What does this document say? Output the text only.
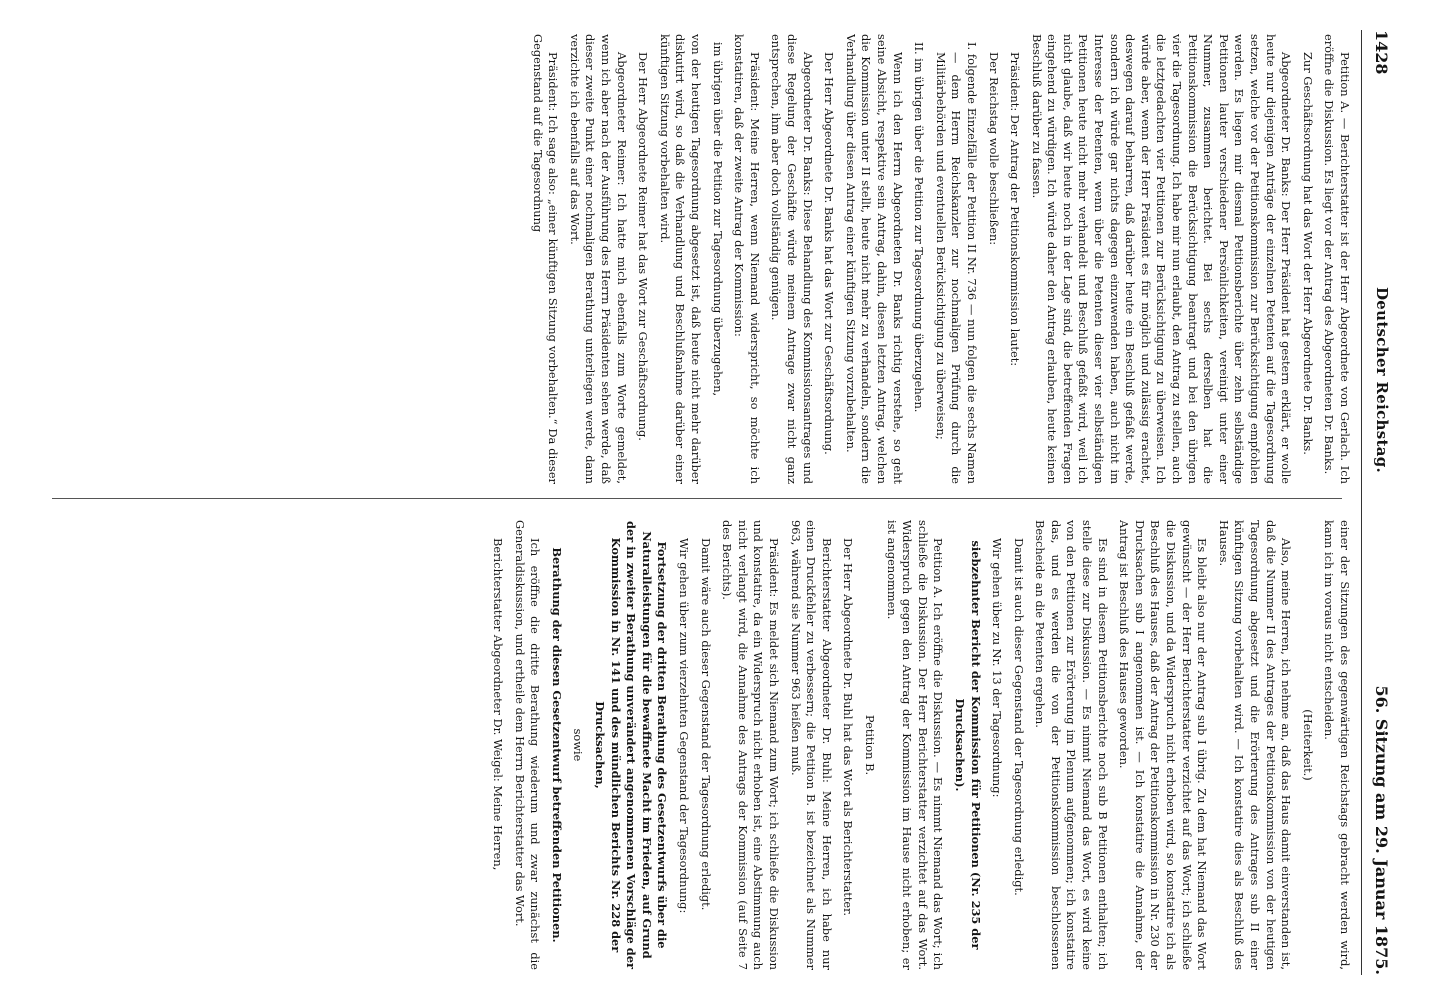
1428
Deutscher Reichstag.
56. Sitzung am 29. Januar 1875.

Petition A. — Berichterstatter ist der Herr Abgeordnete von Gerlach. Ich eröffne die Diskussion. Es liegt vor der Antrag des Abgeordneten Dr. Banks.

Zur Geschäftsordnung hat das Wort der Herr Abgeordnete Dr. Banks.

Abgeordneter Dr. Banks: Der Herr Präsident hat gestern erklärt, er wolle heute nur diejenigen Anträge der einzelnen Petenten auf die Tagesordnung setzen, welche vor der Petitionskommission zur Berücksichtigung empfohlen werden. Es liegen mir diesmal Petitionsberichte über zehn selbständige Petitionen lauter verschiedener Persönlichkeiten, vereinigt unter einer Nummer, zusammen berichtet. Bei sechs derselben hat die Petitionskommission die Berücksichtigung beantragt und bei den übrigen vier die Tagesordnung. Ich habe mir nun erlaubt, den Antrag zu stellen, auch die letztgedachten vier Petitionen zur Berücksichtigung zu überweisen. Ich würde aber, wenn der Herr Präsident es für möglich und zulässig erachtet, deswegen darauf beharren, daß darüber heute ein Beschluß gefaßt werde, sondern ich würde gar nichts dagegen einzuwenden haben, auch nicht im Interesse der Petenten, wenn über die Petenten dieser vier selbständigen Petitionen heute nicht mehr verhandelt und Beschluß gefaßt wird, weil ich nicht glaube, daß wir heute noch in der Lage sind, die betreffenden Fragen eingehend zu würdigen. Ich würde daher den Antrag erlauben, heute keinen Beschluß darüber zu fassen.

Präsident: Der Antrag der Petitionskommission lautet:

Der Reichstag wolle beschließen:

I. folgende Einzelfälle der Petition II Nr. 736 — nun folgen die sechs Namen — dem Herrn Reichskanzler zur nochmaligen Prüfung durch die Militärbehörden und eventuellen Berücksichtigung zu überweisen;

II. im übrigen über die Petition zur Tagesordnung überzugehen.

Wenn ich den Herrn Abgeordneten Dr. Banks richtig verstehe, so geht seine Absicht, respektive sein Antrag, dahin, diesen letzten Antrag, welchen die Kommission unter II stellt, heute nicht mehr zu verhandeln, sondern die Verhandlung über diesen Antrag einer künftigen Sitzung vorzubehalten.

Der Herr Abgeordnete Dr. Banks hat das Wort zur Geschäftsordnung.

Abgeordneter Dr. Banks: Diese Behandlung des Kommissionsantrages und diese Regelung der Geschäfte würde meinem Antrage zwar nicht ganz entsprechen, ihm aber doch vollständig genügen.

Präsident: Meine Herren, wenn Niemand widerspricht, so möchte ich konstatiren, daß der zweite Antrag der Kommission:

im übrigen über die Petition zur Tagesordnung überzugehen,

von der heutigen Tagesordnung abgesetzt ist, daß heute nicht mehr darüber diskutirt wird, so daß die Verhandlung und Beschlußnahme darüber einer künftigen Sitzung vorbehalten wird.

Der Herr Abgeordnete Reimer hat das Wort zur Geschäftsordnung.

Abgeordneter Reimer: Ich hatte mich ebenfalls zum Worte gemeldet, wenn ich aber nach der Ausführung des Herrn Präsidenten sehen werde, daß dieser zweite Punkt einer nochmaligen Berathung unterliegen werde, dann verzichte ich ebenfalls auf das Wort.

Präsident: Ich sage also: „einer künftigen Sitzung vorbehalten.“ Da dieser Gegenstand auf die Tagesordnung

einer der Sitzungen des gegenwärtigen Reichstags gebracht werden wird, kann ich im voraus nicht entscheiden.

(Heiterkeit.)

Also, meine Herren, ich nehme an, daß das Haus damit einverstanden ist, daß die Nummer II des Antrages der Petitionskommission von der heutigen Tagesordnung abgesetzt und die Erörterung des Antrages sub II einer künftigen Sitzung vorbehalten wird. — Ich konstatire dies als Beschluß des Hauses.

Es bleibt also nur der Antrag sub I übrig. Zu dem hat Niemand das Wort gewünscht — der Herr Berichterstatter verzichtet auf das Wort; ich schließe die Diskussion, und da Widerspruch nicht erhoben wird, so konstatire ich als Beschluß des Hauses, daß der Antrag der Petitionskommission in Nr. 230 der Drucksachen sub I angenommen ist. — Ich konstatire die Annahme, der Antrag ist Beschluß des Hauses geworden.

Es sind in diesem Petitionsberichte noch sub B Petitionen enthalten; ich stelle diese zur Diskussion. — Es nimmt Niemand das Wort, es wird keine von den Petitionen zur Erörterung im Plenum aufgenommen; ich konstatire das, und es werden die von der Petitionskommission beschlossenen Bescheide an die Petenten ergehen.

Damit ist auch dieser Gegenstand der Tagesordnung erledigt.

Wir gehen über zu Nr. 13 der Tagesordnung:

siebzehnter Bericht der Kommission für Petitionen (Nr. 235 der Drucksachen).

Petition A. Ich eröffne die Diskussion. — Es nimmt Niemand das Wort; ich schließe die Diskussion. Der Herr Berichterstatter verzichtet auf das Wort. Widerspruch gegen den Antrag der Kommission im Hause nicht erhoben; er ist angenommen.

Petition B.

Der Herr Abgeordnete Dr. Buhl hat das Wort als Berichterstatter.

Berichterstatter Abgeordneter Dr. Buhl: Meine Herren, ich habe nur einen Druckfehler zu verbessern; die Petition B. ist bezeichnet als Nummer 963, während sie Nummer 963 heißen muß.

Präsident: Es meldet sich Niemand zum Wort; ich schließe die Diskussion und konstatire, da ein Widerspruch nicht erhoben ist, eine Abstimmung auch nicht verlangt wird, die Annahme des Antrags der Kommission (auf Seite 7 des Berichts).

Damit wäre auch dieser Gegenstand der Tagesordnung erledigt.

Wir gehen über zum vierzehnten Gegenstand der Tagesordnung:

Fortsetzung der dritten Berathung des Gesetzentwurfs über die Naturalleistungen für die bewaffnete Macht im Frieden, auf Grund der in zweiter Berathung unverändert angenommenen Vorschläge der Kommission in Nr. 141 und des mündlichen Berichts Nr. 228 der Drucksachen,

sowie

Berathung der diesen Gesetzentwurf betreffenden Petitionen.

Ich eröffne die dritte Berathung wiederum und zwar zunächst die Generaldiskussion, und ertheile dem Herrn Berichterstatter das Wort.

Berichterstatter Abgeordneter Dr. Weigel: Meine Herren,
